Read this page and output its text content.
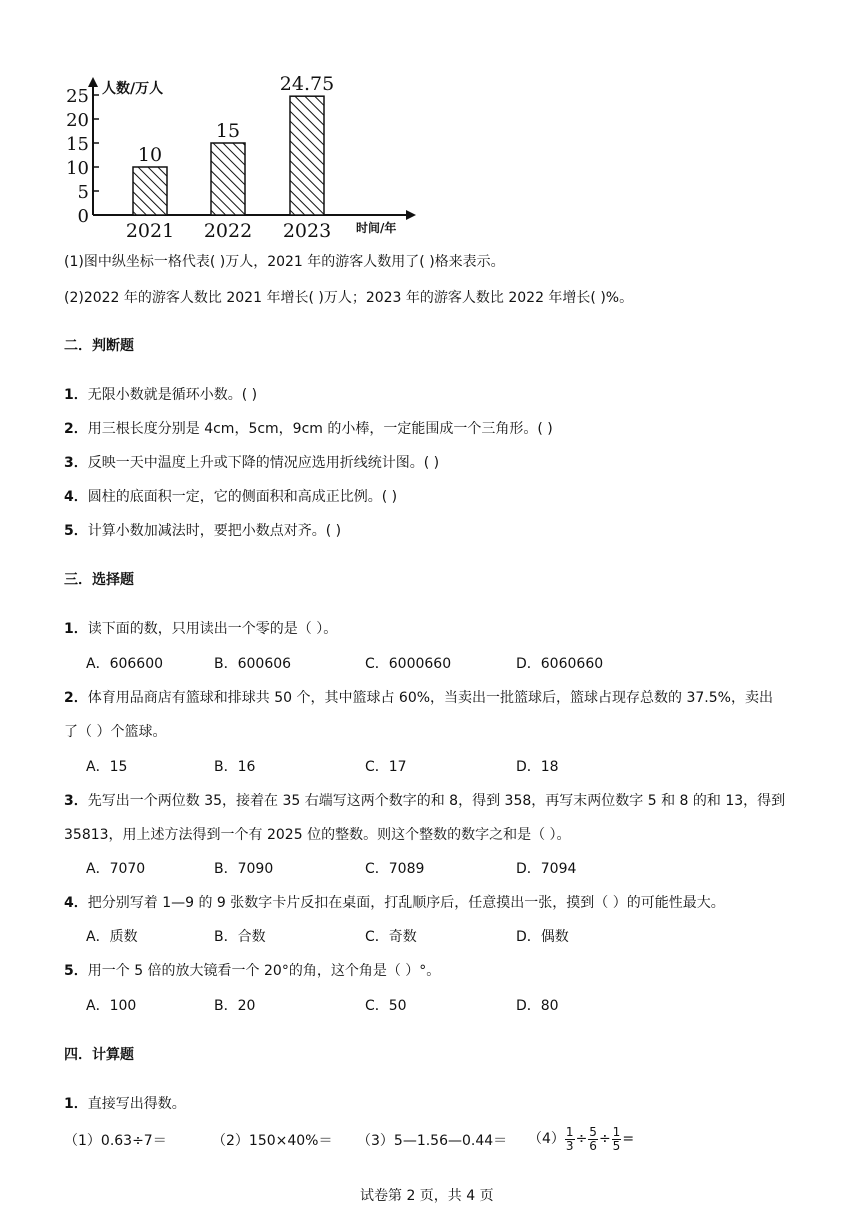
0
5
10
15
20
25 人数/万人
时间/年
10
2021
15
2022
24.75
2023
(1)图中纵坐标一格代表( )万人，2021 年的游客人数用了( )格来表示。
(2)2022 年的游客人数比 2021 年增长( )万人；2023 年的游客人数比 2022 年增长( )%。
二．判断题
1．无限小数就是循环小数。( )
2．用三根长度分别是 4cm，5cm，9cm 的小棒，一定能围成一个三角形。( )
3．反映一天中温度上升或下降的情况应选用折线统计图。( )
4．圆柱的底面积一定，它的侧面积和高成正比例。( )
5．计算小数加减法时，要把小数点对齐。( )
三．选择题
1．读下面的数，只用读出一个零的是（ ）。
A．606600	B．600606	C．6000660	D．6060660
2．体育用品商店有篮球和排球共 50 个，其中篮球占 60%，当卖出一批篮球后，篮球占现存总数的 37.5%，卖出
了（ ）个篮球。
A．15	B．16	C．17	D．18
3．先写出一个两位数 35，接着在 35 右端写这两个数字的和 8，得到 358，再写末两位数字 5 和 8 的和 13，得到
35813，用上述方法得到一个有 2025 位的整数。则这个整数的数字之和是（ ）。
A．7070	B．7090	C．7089	D．7094
4．把分别写着 1—9 的 9 张数字卡片反扣在桌面，打乱顺序后，任意摸出一张，摸到（ ）的可能性最大。
A．质数	B．合数	C．奇数	D．偶数
5．用一个 5 倍的放大镜看一个 20°的角，这个角是（ ）°。
A．100	B．20	C．50	D．80
四．计算题
1．直接写出得数。
（1）0.63÷7＝	（2）150×40%＝ （3）5—1.56—0.44＝ $(4) \frac{1}{3} \div \frac{5}{6} \div \frac{1}{5}$ =
试卷第 2 页，共 4 页
